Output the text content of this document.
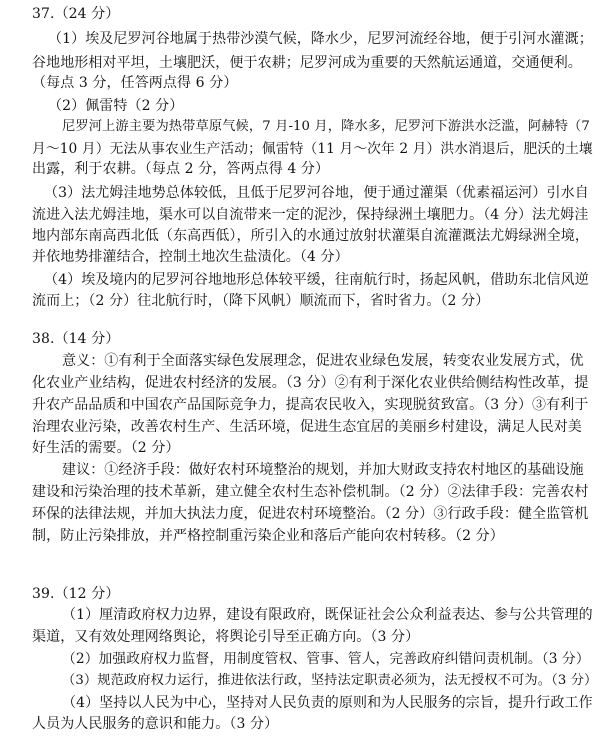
37.（24 分）
（1）埃及尼罗河谷地属于热带沙漠气候，降水少，尼罗河流经谷地，便于引河水灌溉；
谷地地形相对平坦，土壤肥沃，便于农耕；尼罗河成为重要的天然航运通道，交通便利。
（每点 3 分，任答两点得 6 分）
（2）佩雷特（2 分）
尼罗河上游主要为热带草原气候，7 月-10 月，降水多，尼罗河下游洪水泛滥，阿赫特（7
月～10 月）无法从事农业生产活动；佩雷特（11 月～次年 2 月）洪水消退后，肥沃的土壤
出露，利于农耕。（每点 2 分，答两点得 4 分）
（3）法尤姆洼地势总体较低，且低于尼罗河谷地，便于通过灌渠（优素福运河）引水自
流进入法尤姆洼地，渠水可以自流带来一定的泥沙，保持绿洲土壤肥力。（4 分）法尤姆洼
地内部东南高西北低（东高西低），所引入的水通过放射状灌渠自流灌溉法尤姆绿洲全境，
并依地势排灌结合，控制土地次生盐渍化。（4 分）
（4）埃及境内的尼罗河谷地地形总体较平缓，往南航行时，扬起风帆，借助东北信风逆
流而上；（2 分）往北航行时，（降下风帆）顺流而下，省时省力。（2 分）
38.（14 分）
意义：①有利于全面落实绿色发展理念，促进农业绿色发展，转变农业发展方式，优
化农业产业结构，促进农村经济的发展。（3 分）②有利于深化农业供给侧结构性改革，提
升农产品品质和中国农产品国际竞争力，提高农民收入，实现脱贫致富。（3 分）③有利于
治理农业污染，改善农村生产、生活环境，促进生态宜居的美丽乡村建设，满足人民对美
好生活的需要。（2 分）
建议：①经济手段：做好农村环境整治的规划，并加大财政支持农村地区的基础设施
建设和污染治理的技术革新，建立健全农村生态补偿机制。（2 分）②法律手段：完善农村
环保的法律法规，并加大执法力度，促进农村环境整治。（2 分）③行政手段：健全监管机
制，防止污染排放，并严格控制重污染企业和落后产能向农村转移。（2 分）
39.（12 分）
（1）厘清政府权力边界，建设有限政府，既保证社会公众利益表达、参与公共管理的
渠道，又有效处理网络舆论，将舆论引导至正确方向。（3 分）
（2）加强政府权力监督，用制度管权、管事、管人，完善政府纠错问责机制。（3 分）
（3）规范政府权力运行，推进依法行政，坚持法定职责必须为，法无授权不可为。（3 分）
（4）坚持以人民为中心，坚持对人民负责的原则和为人民服务的宗旨，提升行政工作
人员为人民服务的意识和能力。（3 分）
